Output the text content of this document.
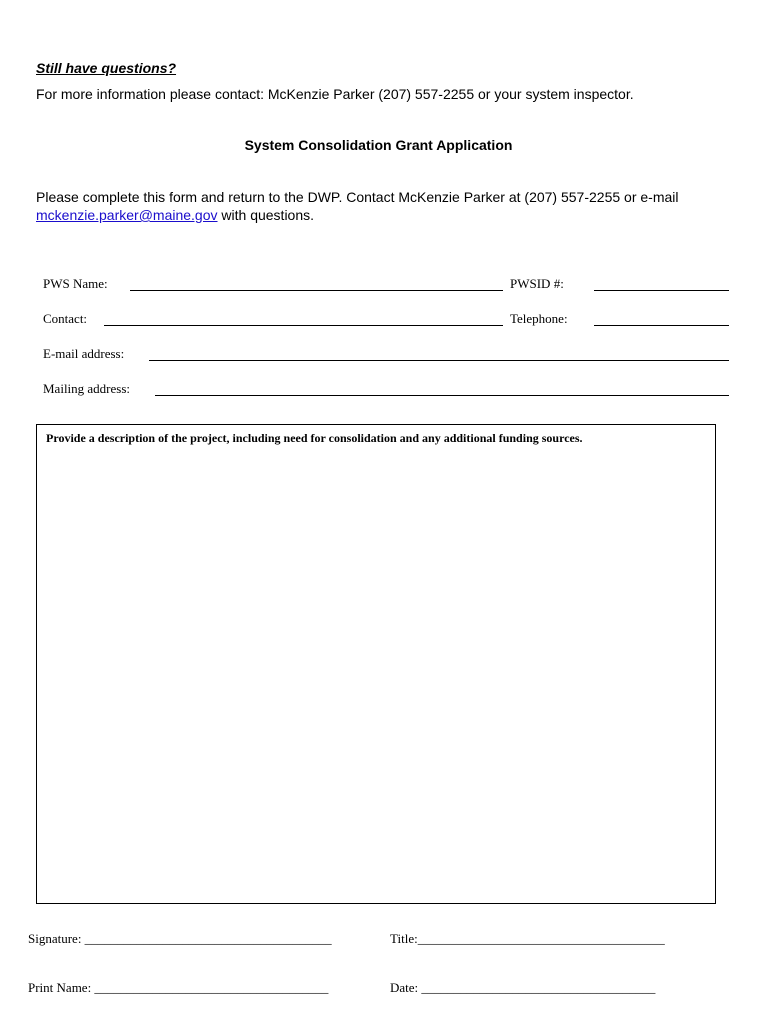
Still have questions?
For more information please contact: McKenzie Parker (207) 557-2255 or your system inspector.
System Consolidation Grant Application
Please complete this form and return to the DWP. Contact McKenzie Parker at (207) 557-2255 or e-mail mckenzie.parker@maine.gov with questions.
PWS Name:	PWSID #:
Contact:	Telephone:
E-mail address:
Mailing address:
Provide a description of the project, including need for consolidation and any additional funding sources.
Signature: ______________________________________	Title:______________________________________
Print Name: ____________________________________	Date: ____________________________________
